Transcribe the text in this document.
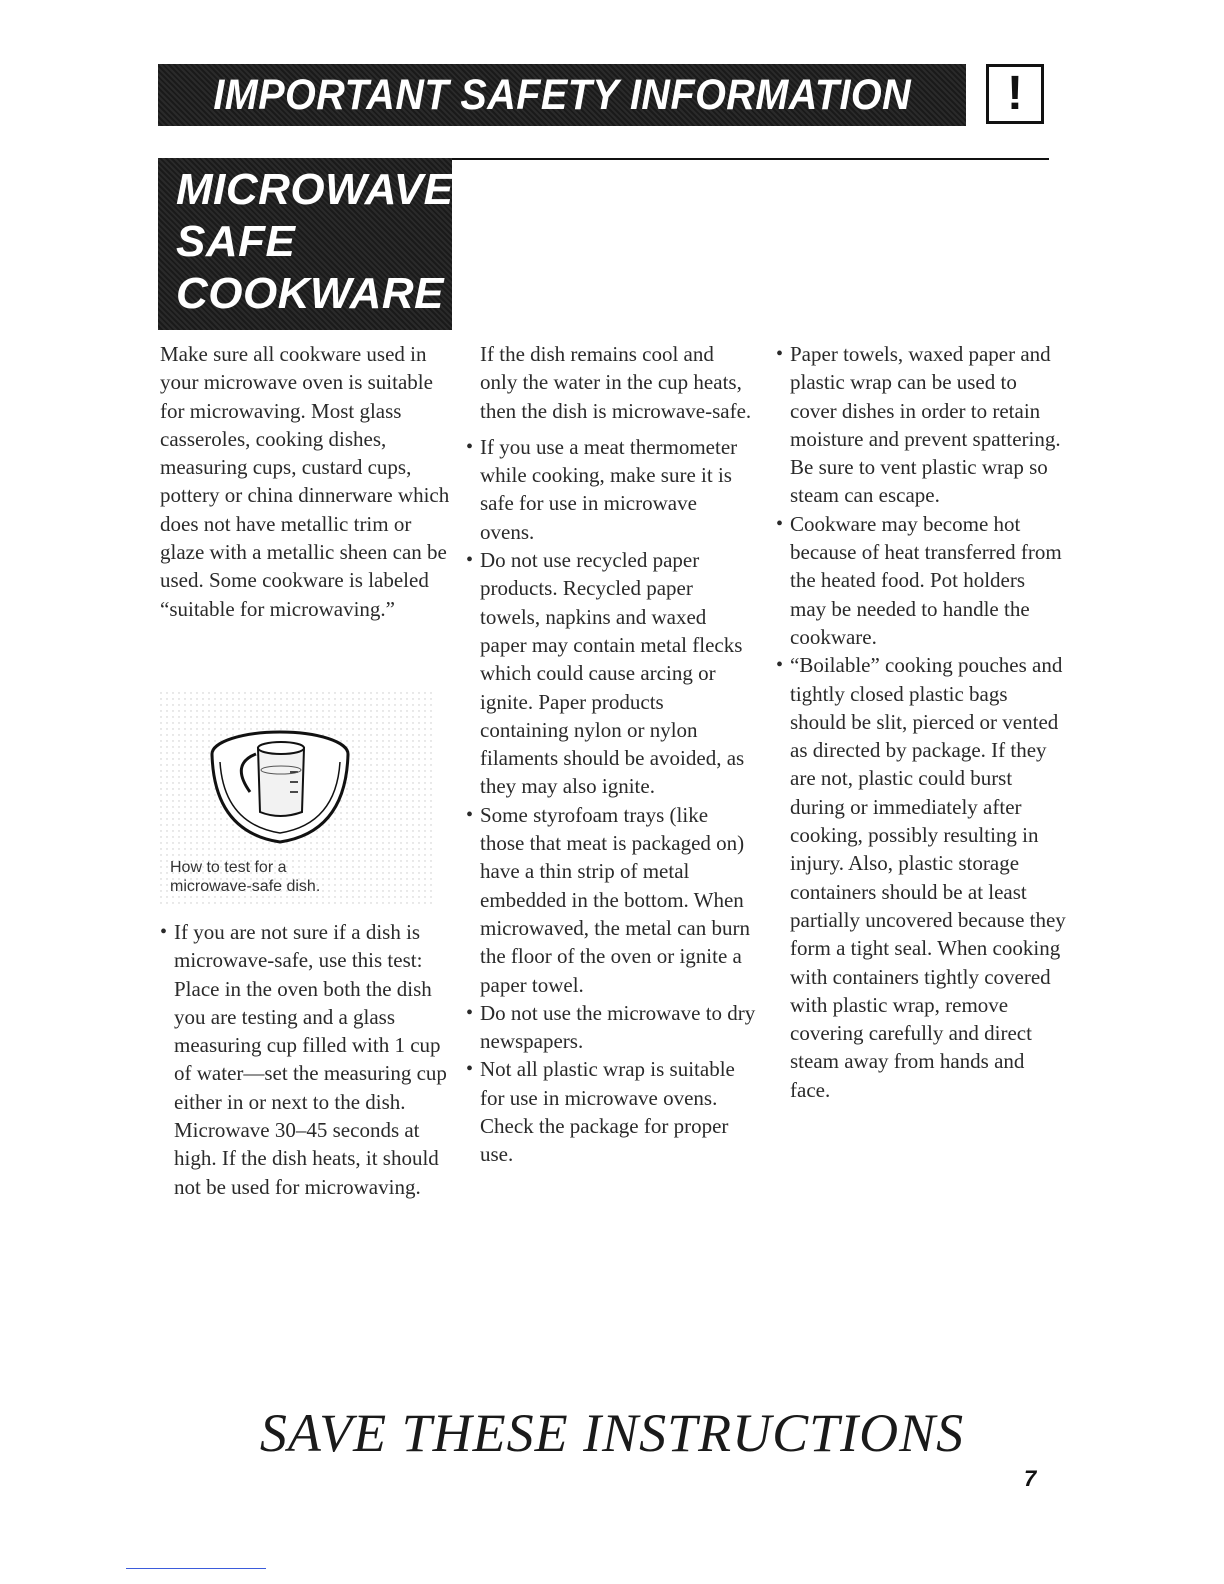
IMPORTANT SAFETY INFORMATION !
MICROWAVE-
SAFE
COOKWARE

Make sure all cookware used in your microwave oven is suitable for microwaving. Most glass casseroles, cooking dishes, measuring cups, custard cups, pottery or china dinnerware which does not have metallic trim or glaze with a metallic sheen can be used. Some cookware is labeled “suitable for microwaving.”

How to test for a
microwave-safe dish.

• If you are not sure if a dish is microwave-safe, use this test: Place in the oven both the dish you are testing and a glass measuring cup filled with 1 cup of water—set the measuring cup either in or next to the dish. Microwave 30–45 seconds at high. If the dish heats, it should not be used for microwaving.

If the dish remains cool and only the water in the cup heats, then the dish is microwave-safe.

• If you use a meat thermometer while cooking, make sure it is safe for use in microwave ovens.

• Do not use recycled paper products. Recycled paper towels, napkins and waxed paper may contain metal flecks which could cause arcing or ignite. Paper products containing nylon or nylon filaments should be avoided, as they may also ignite.

• Some styrofoam trays (like those that meat is packaged on) have a thin strip of metal embedded in the bottom. When microwaved, the metal can burn the floor of the oven or ignite a paper towel.

• Do not use the microwave to dry newspapers.

• Not all plastic wrap is suitable for use in microwave ovens. Check the package for proper use.

• Paper towels, waxed paper and plastic wrap can be used to cover dishes in order to retain moisture and prevent spattering. Be sure to vent plastic wrap so steam can escape.

• Cookware may become hot because of heat transferred from the heated food. Pot holders may be needed to handle the cookware.

• “Boilable” cooking pouches and tightly closed plastic bags should be slit, pierced or vented as directed by package. If they are not, plastic could burst during or immediately after cooking, possibly resulting in injury. Also, plastic storage containers should be at least partially uncovered because they form a tight seal. When cooking with containers tightly covered with plastic wrap, remove covering carefully and direct steam away from hands and face.

SAVE THESE INSTRUCTIONS
7
